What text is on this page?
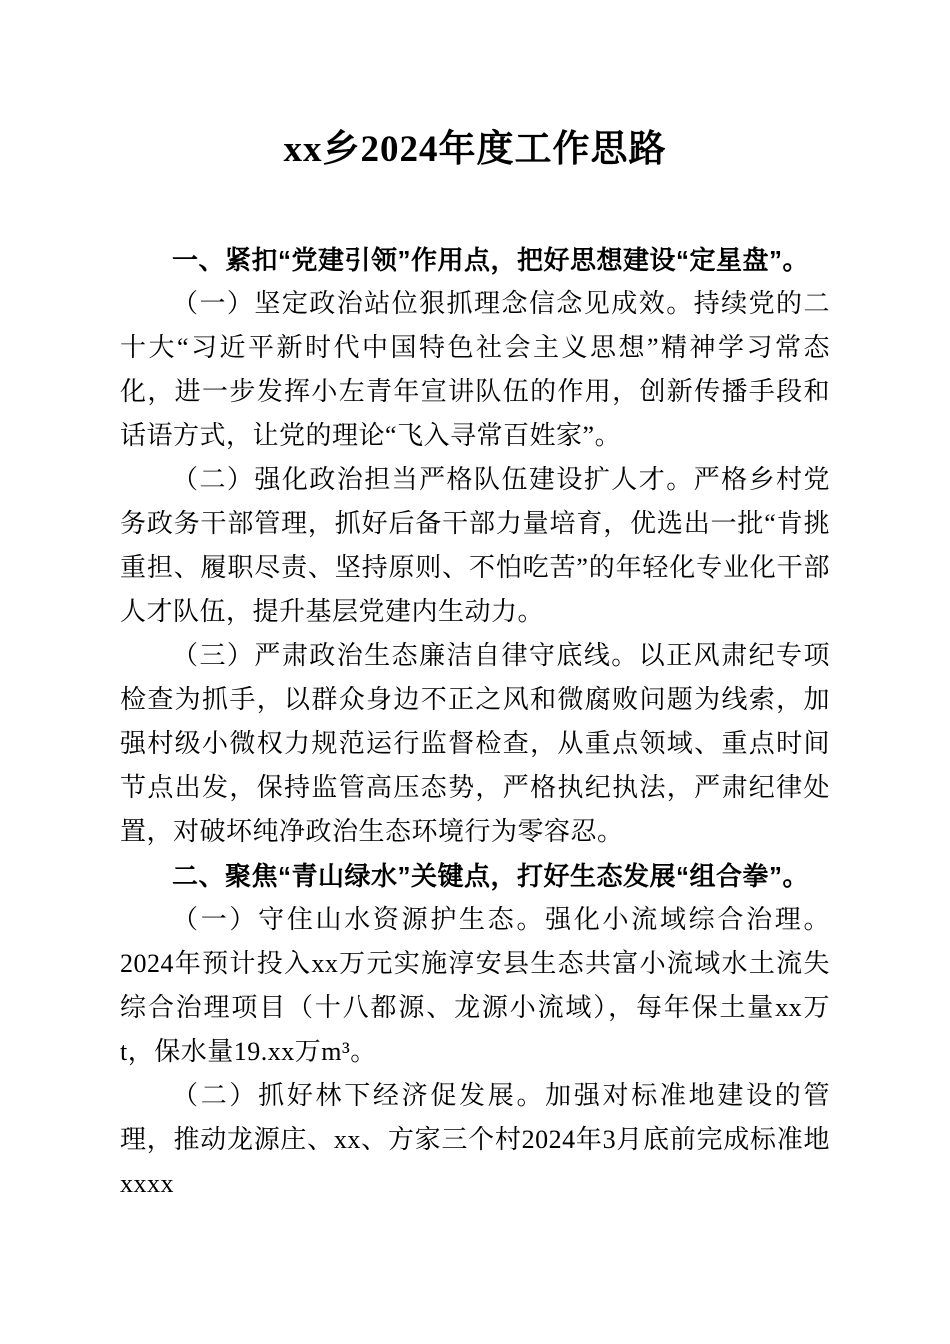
xx乡2024年度工作思路
一、紧扣“党建引领”作用点，把好思想建设“定星盘”。

（一）坚定政治站位狠抓理念信念见成效。持续党的二十大“习近平新时代中国特色社会主义思想”精神学习常态化，进一步发挥小左青年宣讲队伍的作用，创新传播手段和话语方式，让党的理论“飞入寻常百姓家”。

（二）强化政治担当严格队伍建设扩人才。严格乡村党务政务干部管理，抓好后备干部力量培育，优选出一批“肯挑重担、履职尽责、坚持原则、不怕吃苦”的年轻化专业化干部人才队伍，提升基层党建内生动力。

（三）严肃政治生态廉洁自律守底线。以正风肃纪专项检查为抓手，以群众身边不正之风和微腐败问题为线索，加强村级小微权力规范运行监督检查，从重点领域、重点时间节点出发，保持监管高压态势，严格执纪执法，严肃纪律处置，对破坏纯净政治生态环境行为零容忍。

二、聚焦“青山绿水”关键点，打好生态发展“组合拳”。

（一）守住山水资源护生态。强化小流域综合治理。2024年预计投入xx万元实施淳安县生态共富小流域水土流失综合治理项目（十八都源、龙源小流域），每年保土量xx万t，保水量19.xx万m³。

（二）抓好林下经济促发展。加强对标准地建设的管理，推动龙源庄、xx、方家三个村2024年3月底前完成标准地xxxx
